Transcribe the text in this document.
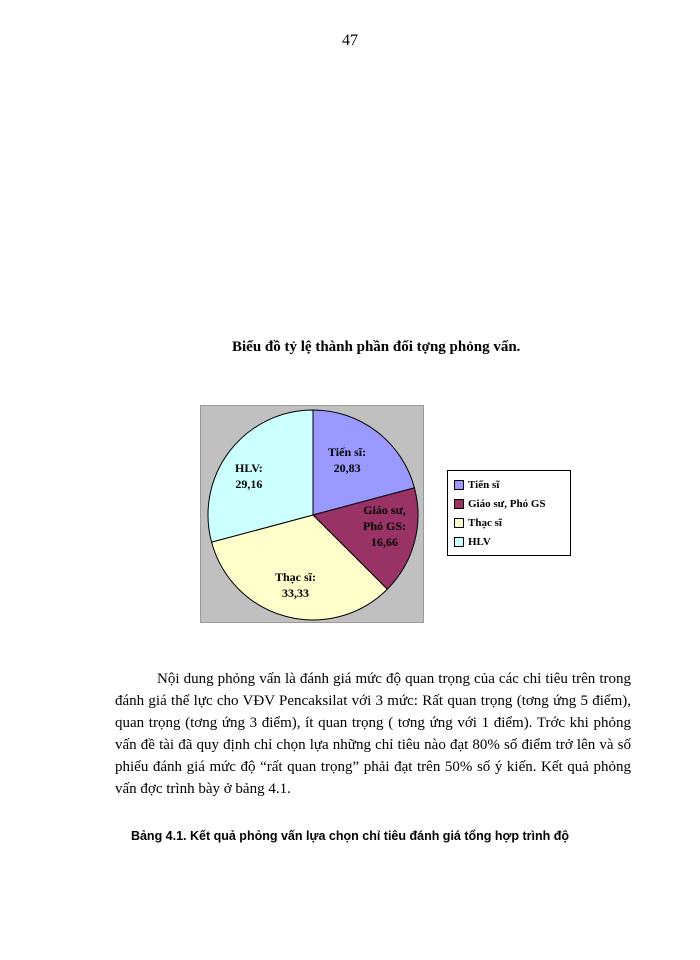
47
Biểu đồ tỷ lệ thành phần đối tợng phỏng vấn.
Tiến sĩ:
20,83
Giáo sư,
Phó GS:
16,66
Thạc sĩ:
33,33
HLV:
29,16	Tiến sĩ
Giáo sư, Phó GS
Thạc sĩ
HLV

Nội dung phỏng vấn là đánh giá mức độ quan trọng của các chỉ tiêu trên trong đánh giá thể lực cho VĐV Pencaksilat với 3 mức: Rất quan trọng (tơng ứng 5 điểm), quan trọng (tơng ứng 3 điểm), ít quan trọng ( tơng ứng với 1 điểm). Trớc khi phỏng vấn đề tài đã quy định chỉ chọn lựa những chỉ tiêu nào đạt 80% số điểm trở lên và số phiếu đánh giá mức độ “rất quan trọng” phải đạt trên 50% số ý kiến. Kết quả phỏng vấn đợc trình bày ở bảng 4.1.

Bảng 4.1. Kết quả phỏng vấn lựa chọn chỉ tiêu đánh giá tổng hợp trình độ
